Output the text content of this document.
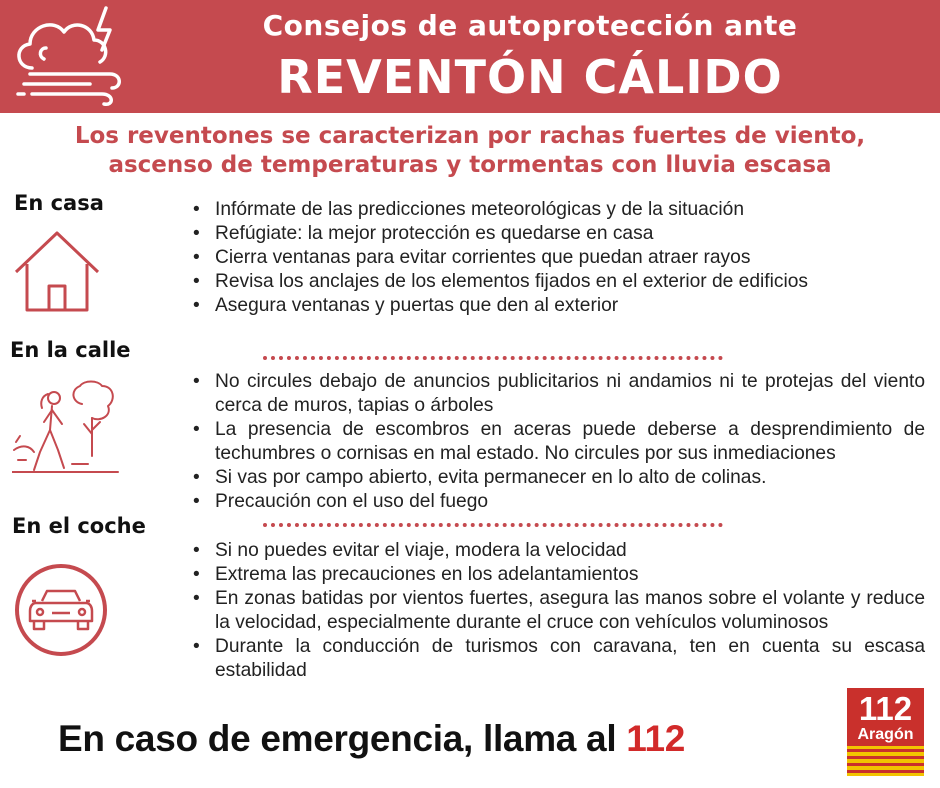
Consejos de autoprotección ante
REVENTÓN CÁLIDO
Los reventones se caracterizan por rachas fuertes de viento,
ascenso de temperaturas y tormentas con lluvia escasa
En casa
•	Infórmate de las predicciones meteorológicas y de la situación
• Refúgiate: la mejor protección es quedarse en casa
• Cierra ventanas para evitar corrientes que puedan atraer rayos
• Revisa los anclajes de los elementos fijados en el exterior de edificios
• Asegura ventanas y puertas que den al exterior
En la calle
• No circules debajo de anuncios publicitarios ni andamios ni te protejas del viento cerca de muros, tapias o árboles
• La presencia de escombros en aceras puede deberse a desprendimiento de techumbres o cornisas en mal estado. No circules por sus inmediaciones
• Si vas por campo abierto, evita permanecer en lo alto de colinas.
• Precaución con el uso del fuego
En el coche
• Si no puedes evitar el viaje, modera la velocidad
• Extrema las precauciones en los adelantamientos
• En zonas batidas por vientos fuertes, asegura las manos sobre el volante y reduce la velocidad, especialmente durante el cruce con vehículos voluminosos
• Durante la conducción de turismos con caravana, ten en cuenta su escasa estabilidad
En caso de emergencia, llama al 112
112
Aragón
